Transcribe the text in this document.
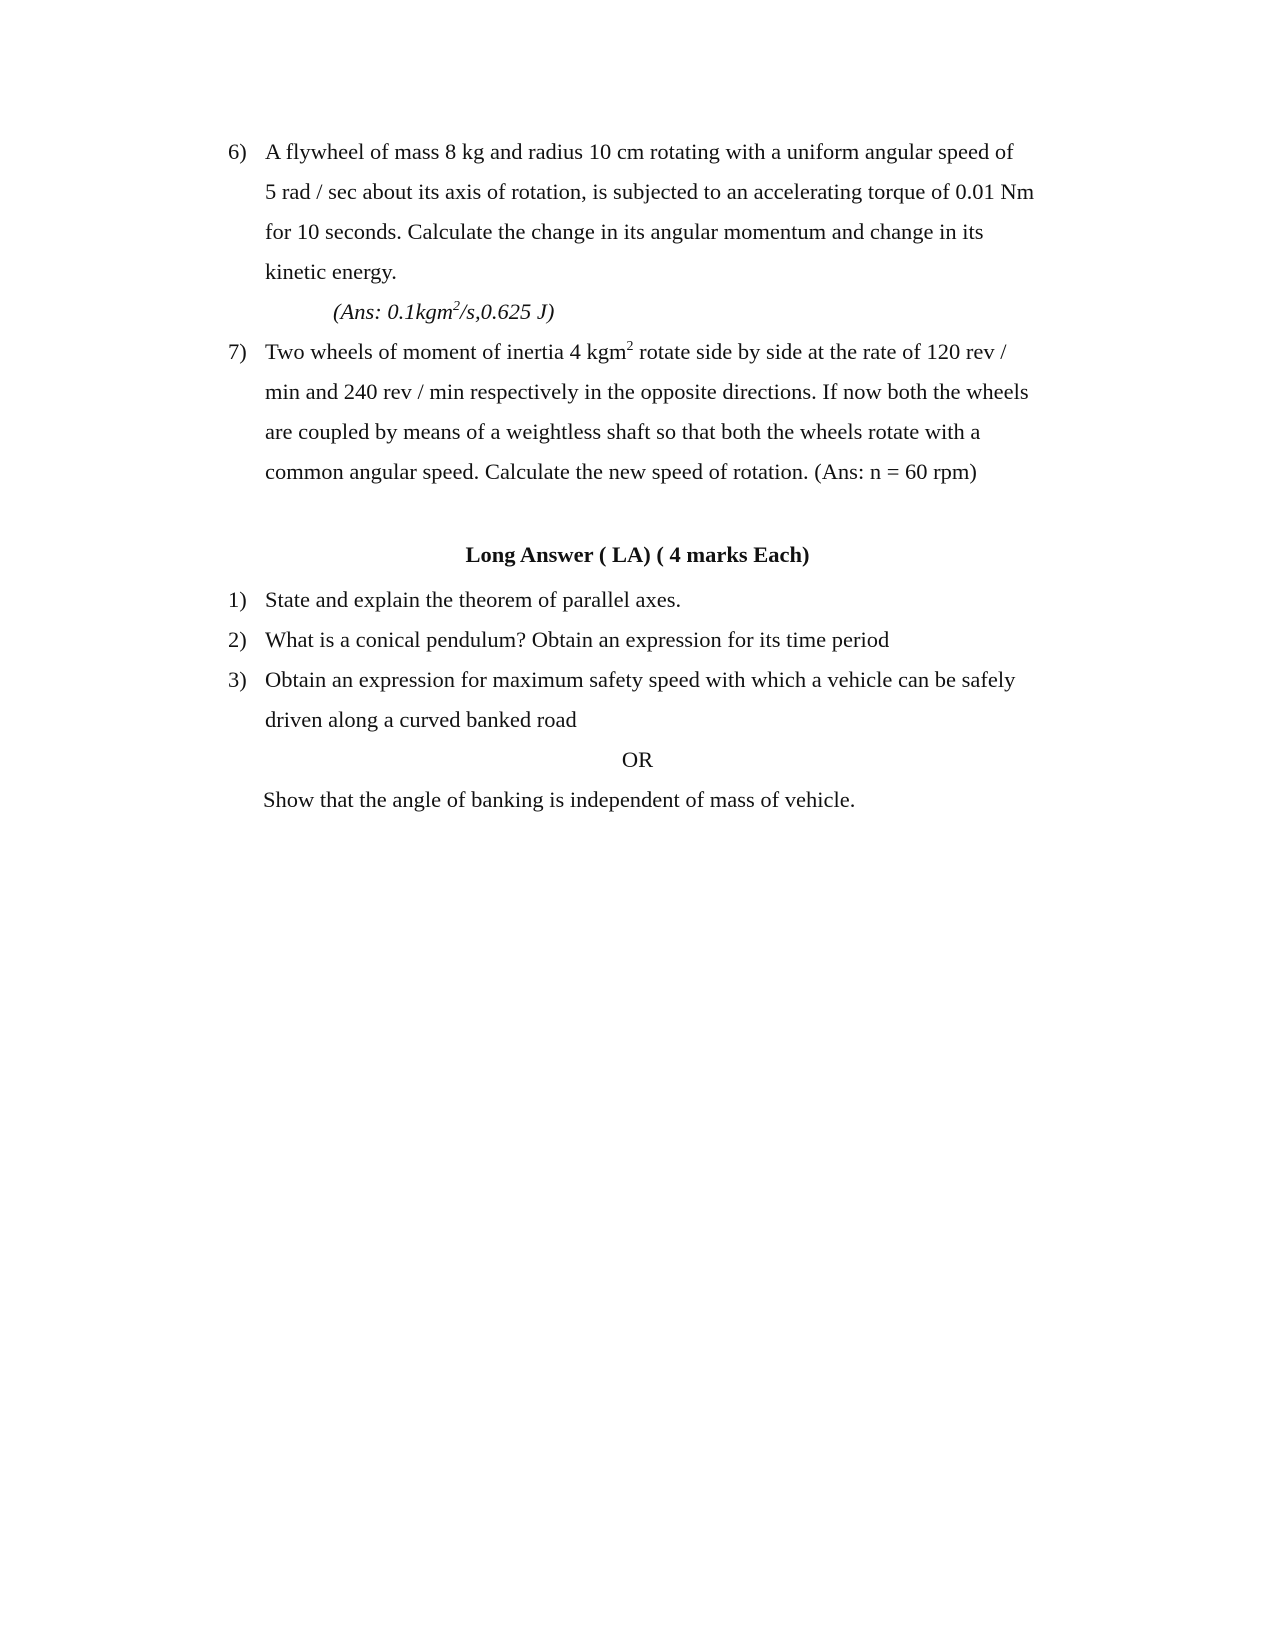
6) A flywheel of mass 8 kg and radius 10 cm rotating with a uniform angular speed of
5 rad / sec about its axis of rotation, is subjected to an accelerating torque of 0.01 Nm
for 10 seconds. Calculate the change in its angular momentum and change in its
kinetic energy.
(Ans: 0.1kgm$^2$/s,0.625 J)
7) Two wheels of moment of inertia 4 kgm$^2$ rotate side by side at the rate of 120 rev /
min and 240 rev / min respectively in the opposite directions. If now both the wheels
are coupled by means of a weightless shaft so that both the wheels rotate with a
common angular speed. Calculate the new speed of rotation. (Ans: n = 60 rpm)
Long Answer ( LA) ( 4 marks Each)
1) State and explain the theorem of parallel axes.
2) What is a conical pendulum? Obtain an expression for its time period
3) Obtain an expression for maximum safety speed with which a vehicle can be safely
driven along a curved banked road
OR
Show that the angle of banking is independent of mass of vehicle.
